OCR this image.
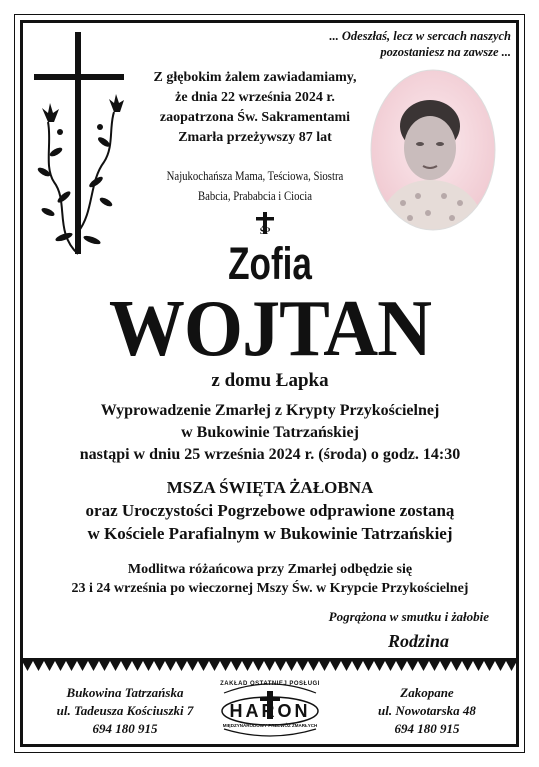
... Odeszłaś, lecz w sercach naszych
pozostaniesz na zawsze ...
Z głębokim żalem zawiadamiamy,
że dnia 22 września 2024 r.
zaopatrzona Św. Sakramentami
Zmarła przeżywszy 87 lat
Najukochańsza Mama, Teściowa, Siostra
Babcia, Prababcia i Ciocia
ŚP
Zofia
WOJTAN
z domu Łapka
Wyprowadzenie Zmarłej z Krypty Przykościelnej
w Bukowinie Tatrzańskiej
nastąpi w dniu 25 września 2024 r. (środa) o godz. 14:30
MSZA ŚWIĘTA ŻAŁOBNA
oraz Uroczystości Pogrzebowe odprawione zostaną
w Kościele Parafialnym w Bukowinie Tatrzańskiej
Modlitwa różańcowa przy Zmarłej odbędzie się
23 i 24 września po wieczornej Mszy Św. w Krypcie Przykościelnej
Pogrążona w smutku i żałobie
Rodzina
Bukowina Tatrzańska
ul. Tadeusza Kościuszki 7
694 180 915
ZAKŁAD OSTATNIEJ POSŁUGI
HARON
MIĘDZYNARODOWY PRZEWÓZ ZMARŁYCH
Zakopane
ul. Nowotarska 48
694 180 915
